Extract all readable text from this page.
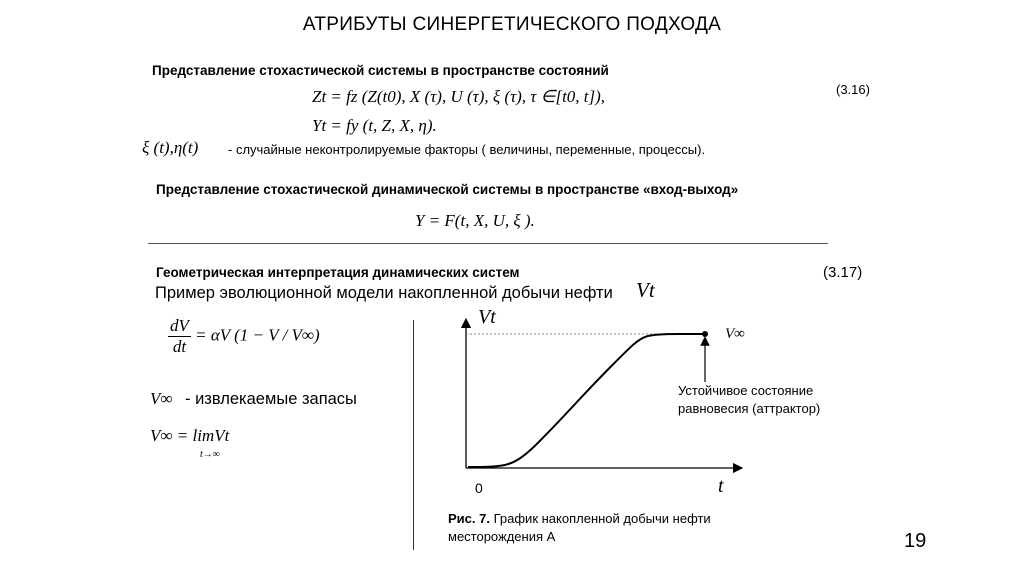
АТРИБУТЫ СИНЕРГЕТИЧЕСКОГО ПОДХОДА
Представление стохастической системы в пространстве состояний
(3.16)
Zt = fz (Z(t0), X (τ), U (τ), ξ (τ), τ ∈[t0, t]),
Yt = fy (t, Z, X, η).
ξ (t),η(t) - случайные неконтролируемые факторы ( величины, переменные, процессы).
Представление стохастической динамической системы в пространстве «вход-выход»
Y = F(t, X, U, ξ ).
Геометрическая интерпретация динамических систем	(3.17)
Пример эволюционной модели накопленной добычи нефти Vt
$\frac{dV}{dt} = \alpha V$ (1 − V / V∞)
V∞ - извлекаемые запасы
V∞ = limVt
t→∞
Vt
t
0
V∞
Устойчивое состояние
равновесия (аттрактор)
Рис. 7. График накопленной добычи нефти
месторождения А	19
